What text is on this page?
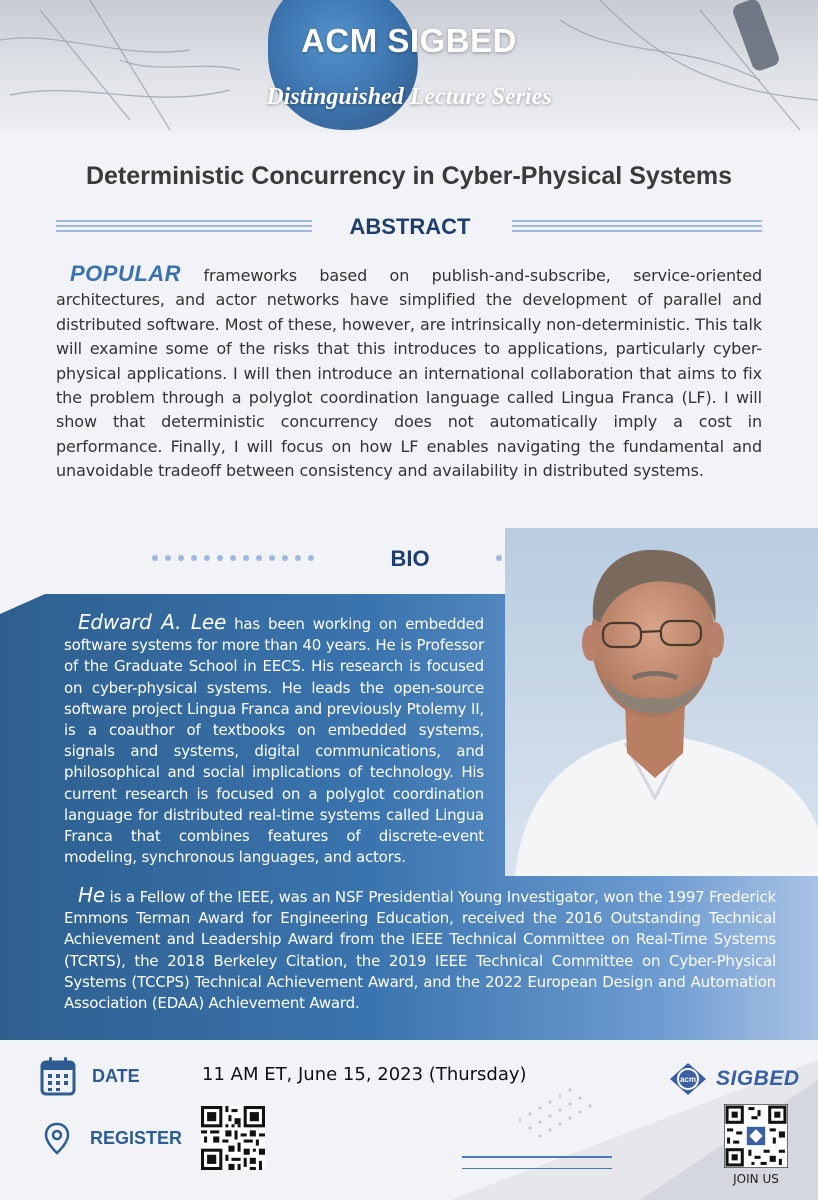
ACM SIGBED
Distinguished Lecture Series
Deterministic Concurrency in Cyber-Physical Systems
ABSTRACT
POPULAR frameworks based on publish-and-subscribe, service-oriented architectures, and actor networks have simplified the development of parallel and distributed software. Most of these, however, are intrinsically non-deterministic. This talk will examine some of the risks that this introduces to applications, particularly cyber-physical applications. I will then introduce an international collaboration that aims to fix the problem through a polyglot coordination language called Lingua Franca (LF). I will show that deterministic concurrency does not automatically imply a cost in performance. Finally, I will focus on how LF enables navigating the fundamental and unavoidable tradeoff between consistency and availability in distributed systems.
BIO
Edward A. Lee has been working on embedded software systems for more than 40 years. He is Professor of the Graduate School in EECS. His research is focused on cyber-physical systems. He leads the open-source software project Lingua Franca and previously Ptolemy II, is a coauthor of textbooks on embedded systems, signals and systems, digital communications, and philosophical and social implications of technology. His current research is focused on a polyglot coordination language for distributed real-time systems called Lingua Franca that combines features of discrete-event modeling, synchronous languages, and actors.
He is a Fellow of the IEEE, was an NSF Presidential Young Investigator, won the 1997 Frederick Emmons Terman Award for Engineering Education, received the 2016 Outstanding Technical Achievement and Leadership Award from the IEEE Technical Committee on Real-Time Systems (TCRTS), the 2018 Berkeley Citation, the 2019 IEEE Technical Committee on Cyber-Physical Systems (TCCPS) Technical Achievement Award, and the 2022 European Design and Automation Association (EDAA) Achievement Award.
DATE	11 AM ET, June 15, 2023 (Thursday)
REGISTER
acm SIGBED
JOIN US
